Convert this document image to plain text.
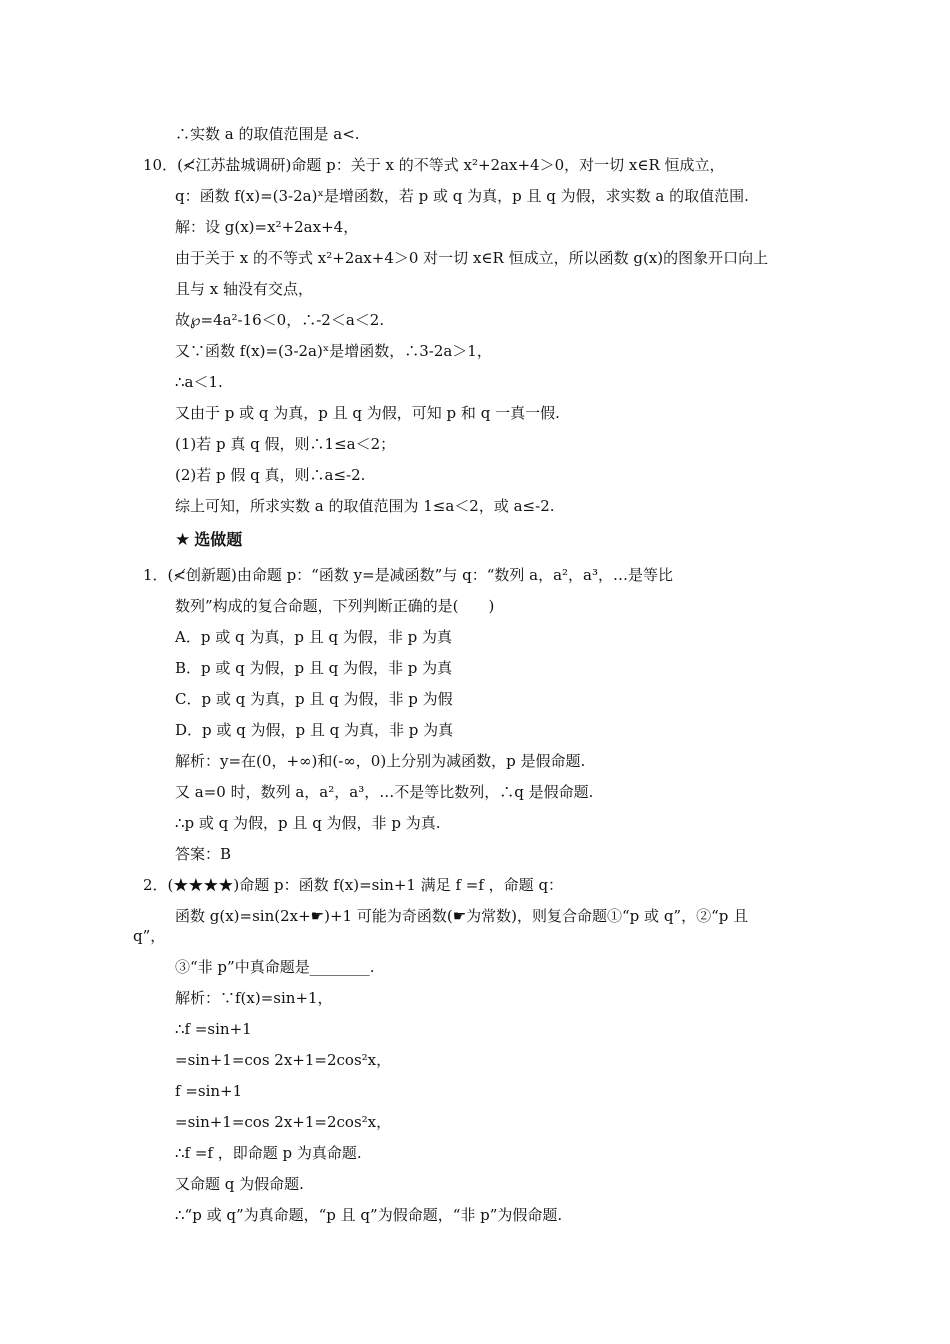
∴实数 a 的取值范围是 a<.
10．(≮江苏盐城调研)命题 p：关于 x 的不等式 x²+2ax+4＞0，对一切 x∈R 恒成立，
q：函数 f(x)=(3-2a)ˣ是增函数，若 p 或 q 为真，p 且 q 为假，求实数 a 的取值范围.
解：设 g(x)=x²+2ax+4，
由于关于 x 的不等式 x²+2ax+4＞0 对一切 x∈R 恒成立，所以函数 g(x)的图象开口向上
且与 x 轴没有交点，
故℘=4a²-16＜0，∴-2＜a＜2.
又∵函数 f(x)=(3-2a)ˣ是增函数，∴3-2a＞1，
∴a＜1.
又由于 p 或 q 为真，p 且 q 为假，可知 p 和 q 一真一假.
(1)若 p 真 q 假，则∴1≤a＜2；
(2)若 p 假 q 真，则∴a≤-2.
综上可知，所求实数 a 的取值范围为 1≤a＜2，或 a≤-2.
★ 选做题
1．(≮创新题)由命题 p：“函数 y=是减函数”与 q：“数列 a，a²，a³，…是等比
数列”构成的复合命题，下列判断正确的是(　　)
A．p 或 q 为真，p 且 q 为假，非 p 为真
B．p 或 q 为假，p 且 q 为假，非 p 为真
C．p 或 q 为真，p 且 q 为假，非 p 为假
D．p 或 q 为假，p 且 q 为真，非 p 为真
解析：y=在(0，+∞)和(-∞，0)上分别为减函数，p 是假命题.
又 a=0 时，数列 a，a²，a³，…不是等比数列，∴q 是假命题.
∴p 或 q 为假，p 且 q 为假，非 p 为真.
答案：B
2．(★★★★)命题 p：函数 f(x)=sin+1 满足 f =f ，命题 q：
函数 g(x)=sin(2x+☛)+1 可能为奇函数(☛为常数)，则复合命题①“p 或 q”，②“p 且
q”，
③“非 p”中真命题是________.
解析：∵f(x)=sin+1，
∴f =sin+1
=sin+1=cos 2x+1=2cos²x，
f =sin+1
=sin+1=cos 2x+1=2cos²x，
∴f =f ，即命题 p 为真命题.
又命题 q 为假命题.
∴“p 或 q”为真命题，“p 且 q”为假命题，“非 p”为假命题.
